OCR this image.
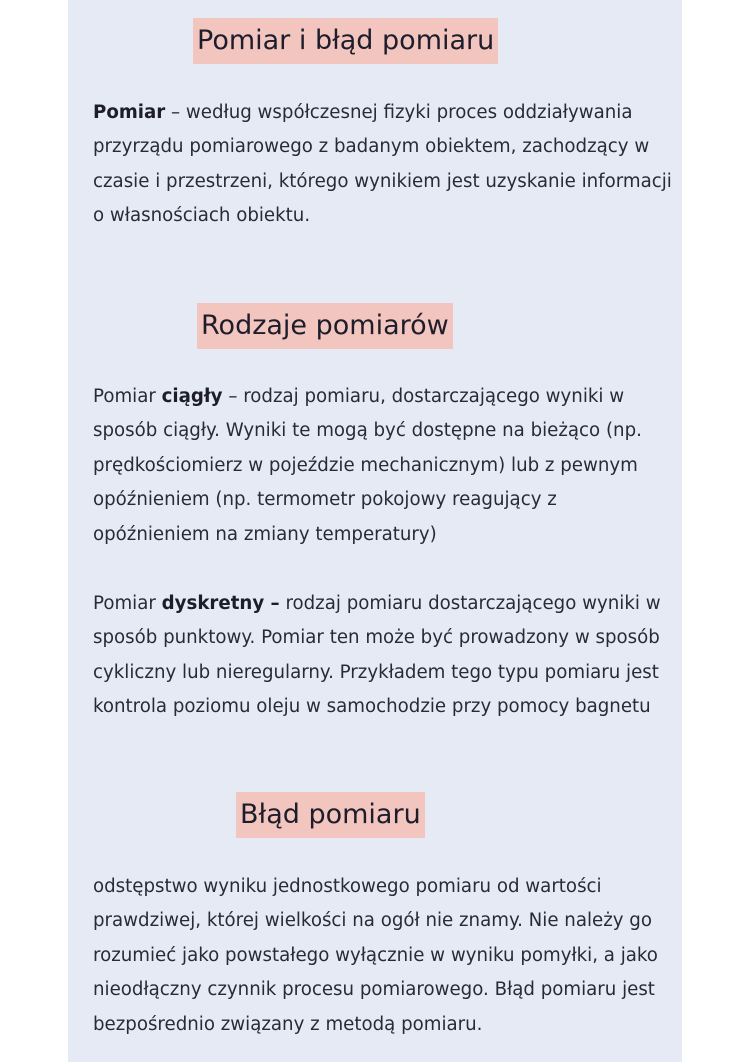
Pomiar i błąd pomiaru

Pomiar – według współczesnej fizyki proces oddziaływania przyrządu pomiarowego z badanym obiektem, zachodzący w czasie i przestrzeni, którego wynikiem jest uzyskanie informacji o własnościach obiektu.

Rodzaje pomiarów

Pomiar ciągły – rodzaj pomiaru, dostarczającego wyniki w sposób ciągły. Wyniki te mogą być dostępne na bieżąco (np. prędkościomierz w pojeździe mechanicznym) lub z pewnym opóźnieniem (np. termometr pokojowy reagujący z opóźnieniem na zmiany temperatury)

Pomiar dyskretny – rodzaj pomiaru dostarczającego wyniki w sposób punktowy. Pomiar ten może być prowadzony w sposób cykliczny lub nieregularny. Przykładem tego typu pomiaru jest kontrola poziomu oleju w samochodzie przy pomocy bagnetu

Błąd pomiaru

odstępstwo wyniku jednostkowego pomiaru od wartości prawdziwej, której wielkości na ogół nie znamy. Nie należy go rozumieć jako powstałego wyłącznie w wyniku pomyłki, a jako nieodłączny czynnik procesu pomiarowego. Błąd pomiaru jest bezpośrednio związany z metodą pomiaru.
